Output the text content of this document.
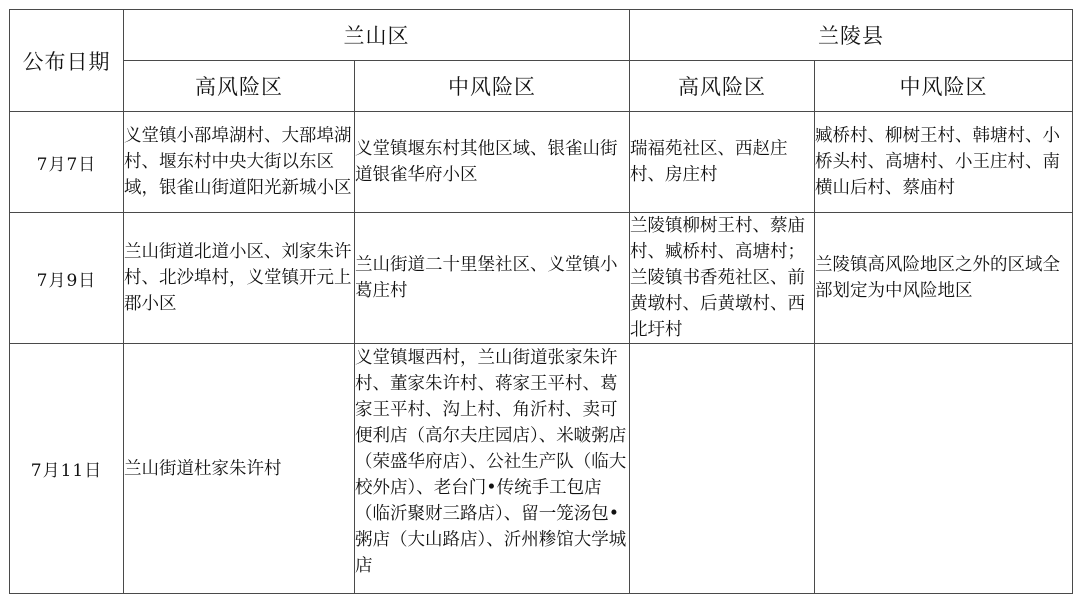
公布日期	兰山区		兰陵县	
	高风险区	中风险区	高风险区	中风险区
7月7日	义堂镇小郚埠湖村、大郚埠湖村、堰东村中央大街以东区域，银雀山街道阳光新城小区	义堂镇堰东村其他区域、银雀山街道银雀华府小区	瑞福苑社区、西赵庄村、房庄村	臧桥村、柳树王村、韩塘村、小桥头村、高塘村、小王庄村、南横山后村、蔡庙村
7月9日	兰山街道北道小区、刘家朱许村、北沙埠村，义堂镇开元上郡小区	兰山街道二十里堡社区、义堂镇小葛庄村	兰陵镇柳树王村、蔡庙村、臧桥村、高塘村；兰陵镇书香苑社区、前黄墩村、后黄墩村、西北圩村	兰陵镇高风险地区之外的区域全部划定为中风险地区
7月11日	兰山街道杜家朱许村	义堂镇堰西村，兰山街道张家朱许村、董家朱许村、蒋家王平村、葛家王平村、沟上村、角沂村、卖可便利店（高尔夫庄园店）、米啵粥店（荣盛华府店）、公社生产队（临大校外店）、老台门•传统手工包店（临沂聚财三路店）、留一笼汤包•粥店（大山路店）、沂州糁馆大学城店		
